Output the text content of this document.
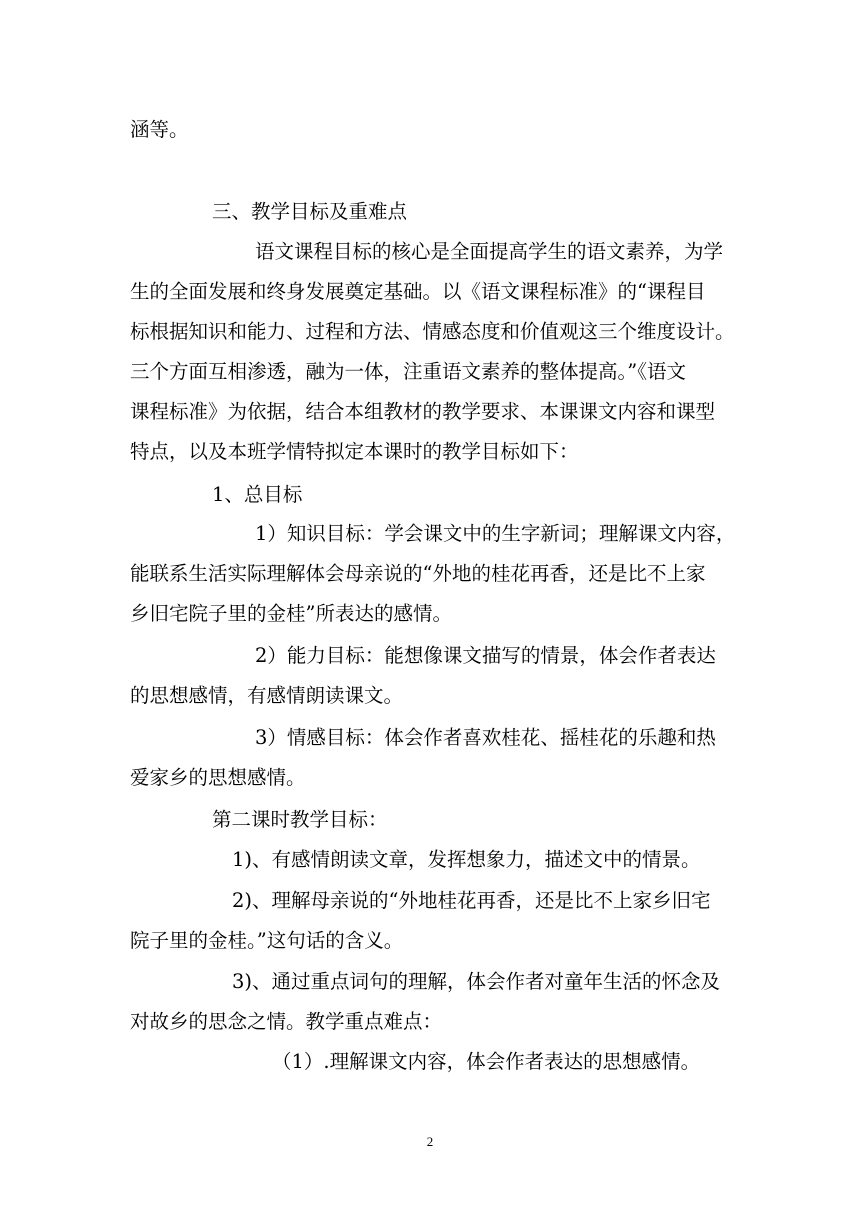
涵等。
三、教学目标及重难点
语文课程目标的核心是全面提高学生的语文素养，为学
生的全面发展和终身发展奠定基础。以《语文课程标准》的“课程目
标根据知识和能力、过程和方法、情感态度和价值观这三个维度设计。
三个方面互相渗透，融为一体，注重语文素养的整体提高。”《语文
课程标准》为依据，结合本组教材的教学要求、本课课文内容和课型
特点，以及本班学情特拟定本课时的教学目标如下：
1、总目标
1）知识目标：学会课文中的生字新词；理解课文内容，
能联系生活实际理解体会母亲说的“外地的桂花再香，还是比不上家
乡旧宅院子里的金桂”所表达的感情。
2）能力目标：能想像课文描写的情景，体会作者表达
的思想感情，有感情朗读课文。
3）情感目标：体会作者喜欢桂花、摇桂花的乐趣和热
爱家乡的思想感情。
第二课时教学目标：
1)、有感情朗读文章，发挥想象力，描述文中的情景。
2)、理解母亲说的“外地桂花再香，还是比不上家乡旧宅
院子里的金桂。”这句话的含义。
3)、通过重点词句的理解，体会作者对童年生活的怀念及
对故乡的思念之情。教学重点难点：
（1）.理解课文内容，体会作者表达的思想感情。
2
